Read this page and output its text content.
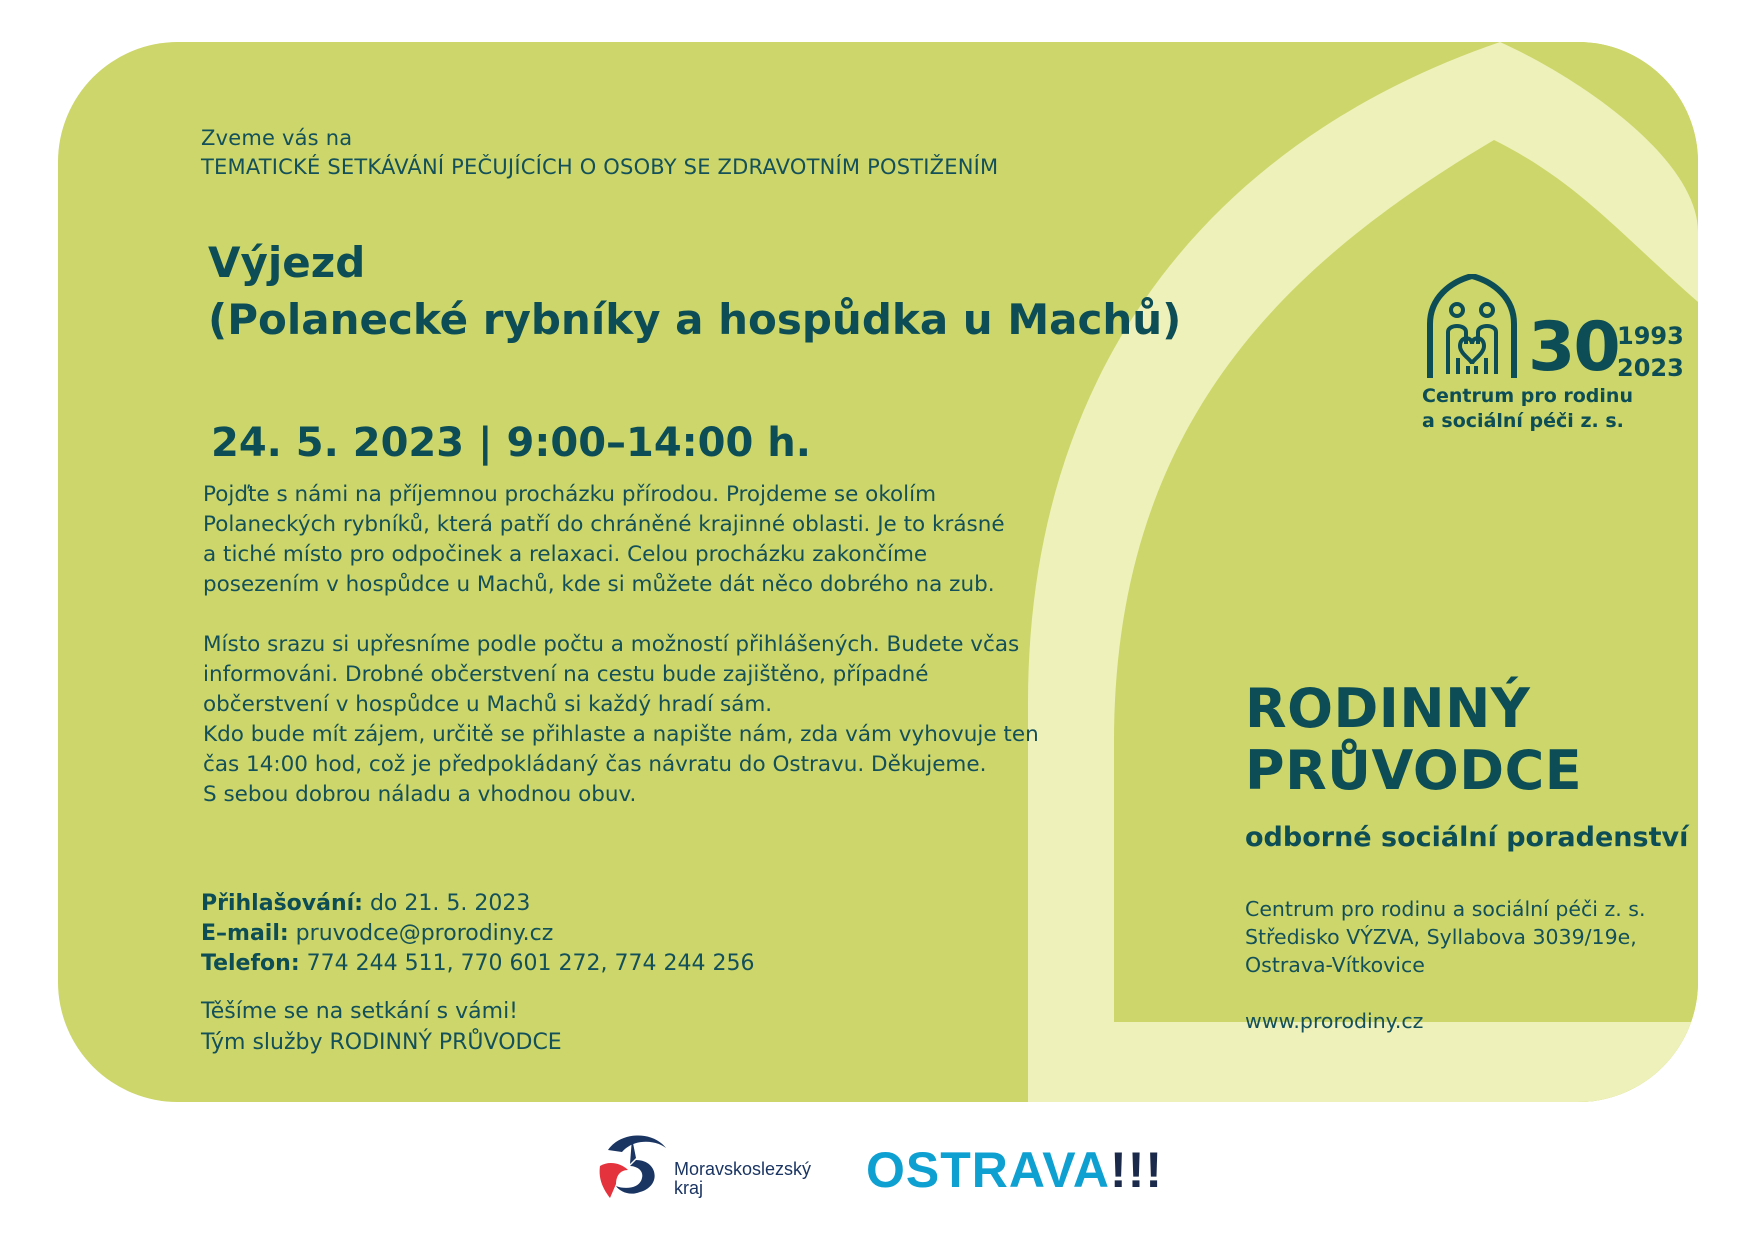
Zveme vás na
TEMATICKÉ SETKÁVÁNÍ PEČUJÍCÍCH O OSOBY SE ZDRAVOTNÍM POSTIŽENÍM
Výjezd
(Polanecké rybníky a hospůdka u Machů)
24. 5. 2023 | 9:00–14:00 h.
Pojďte s námi na příjemnou procházku přírodou. Projdeme se okolím
Polaneckých rybníků, která patří do chráněné krajinné oblasti. Je to krásné
a tiché místo pro odpočinek a relaxaci. Celou procházku zakončíme
posezením v hospůdce u Machů, kde si můžete dát něco dobrého na zub.
Místo srazu si upřesníme podle počtu a možností přihlášených. Budete včas
informováni. Drobné občerstvení na cestu bude zajištěno, případné
občerstvení v hospůdce u Machů si každý hradí sám.
Kdo bude mít zájem, určitě se přihlaste a napište nám, zda vám vyhovuje ten
čas 14:00 hod, což je předpokládaný čas návratu do Ostravu. Děkujeme.
S sebou dobrou náladu a vhodnou obuv.
Přihlašování: do 21. 5. 2023
E–mail: pruvodce@prorodiny.cz
Telefon: 774 244 511, 770 601 272, 774 244 256
Těšíme se na setkání s vámi!
Tým služby RODINNÝ PRŮVODCE
30
1993
2023
Centrum pro rodinu
a sociální péči z. s.
RODINNÝ
PRŮVODCE
odborné sociální poradenství
Centrum pro rodinu a sociální péči z. s.
Středisko VÝZVA, Syllabova 3039/19e,
Ostrava-Vítkovice
www.prorodiny.cz
Moravskoslezský
kraj	OSTRAVA!!!
